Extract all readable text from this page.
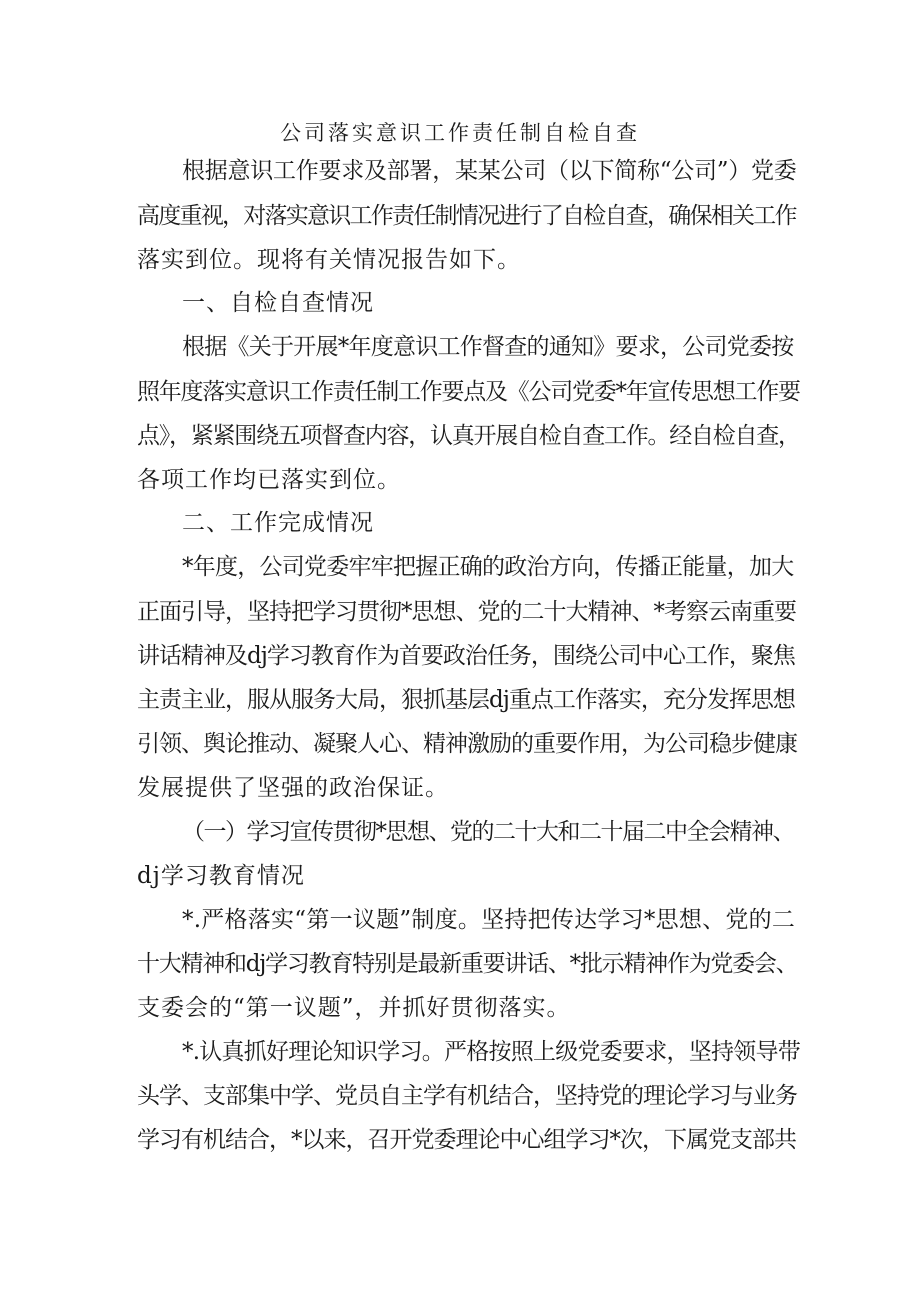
公司落实意识工作责任制自检自查
根据意识工作要求及部署，某某公司（以下简称“公司”）党委
高度重视，对落实意识工作责任制情况进行了自检自查，确保相关工作
落实到位。现将有关情况报告如下。
一、自检自查情况
根据《关于开展*年度意识工作督查的通知》要求，公司党委按
照年度落实意识工作责任制工作要点及《公司党委*年宣传思想工作要
点》，紧紧围绕五项督查内容，认真开展自检自查工作。经自检自查，
各项工作均已落实到位。
二、工作完成情况
*年度，公司党委牢牢把握正确的政治方向，传播正能量，加大
正面引导，坚持把学习贯彻*思想、党的二十大精神、*考察云南重要
讲话精神及dj学习教育作为首要政治任务，围绕公司中心工作，聚焦
主责主业，服从服务大局，狠抓基层dj重点工作落实，充分发挥思想
引领、舆论推动、凝聚人心、精神激励的重要作用，为公司稳步健康
发展提供了坚强的政治保证。
（一）学习宣传贯彻*思想、党的二十大和二十届二中全会精神、
dj学习教育情况
*.严格落实“第一议题”制度。坚持把传达学习*思想、党的二
十大精神和dj学习教育特别是最新重要讲话、*批示精神作为党委会、
支委会的“第一议题”，并抓好贯彻落实。
*.认真抓好理论知识学习。严格按照上级党委要求，坚持领导带
头学、支部集中学、党员自主学有机结合，坚持党的理论学习与业务
学习有机结合，*以来，召开党委理论中心组学习*次，下属党支部共
